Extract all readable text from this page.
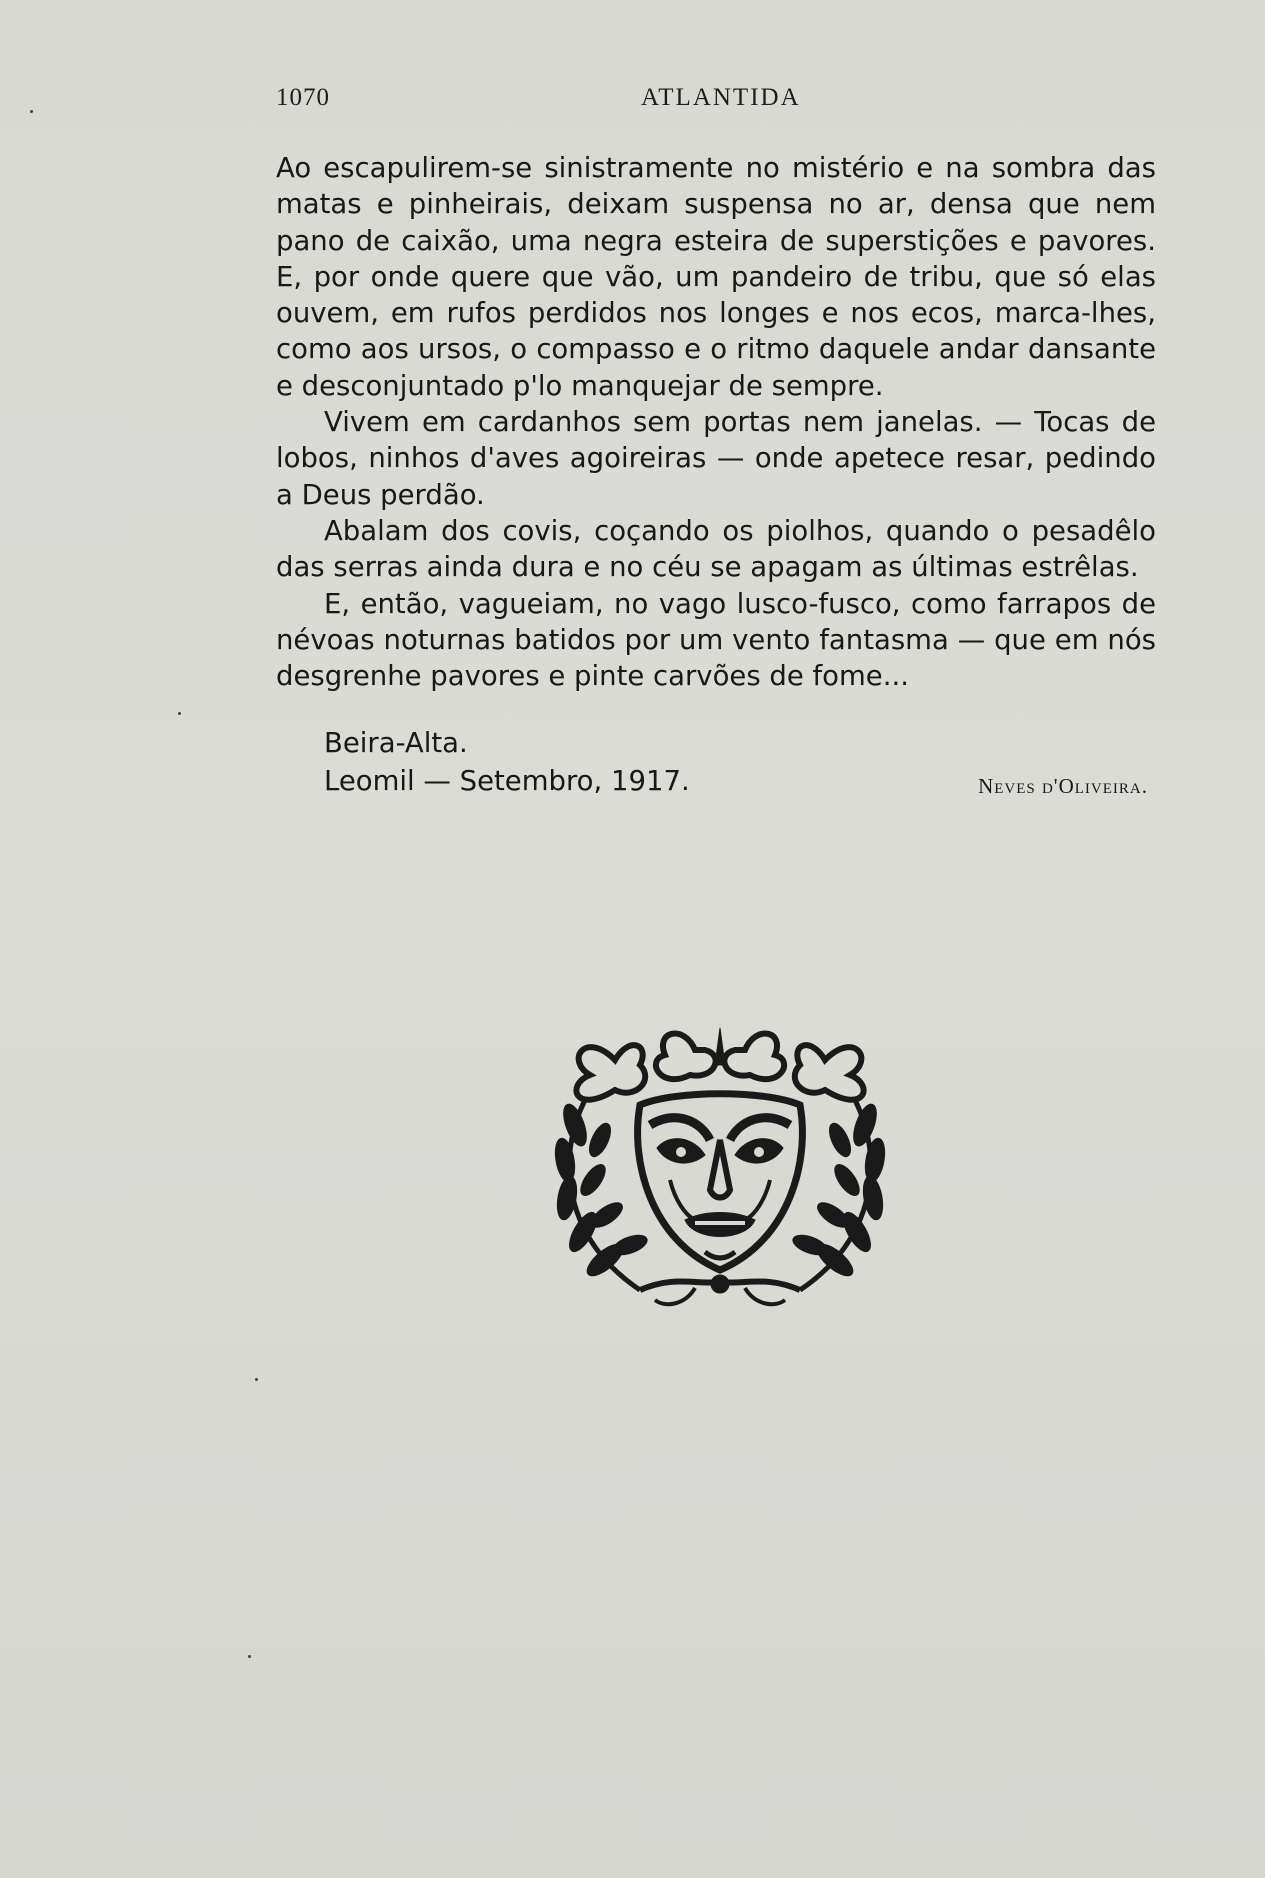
1070	ATLANTIDA

Ao escapulirem-se sinistramente no mistério e na sombra das matas e pinheirais, deixam suspensa no ar, densa que nem pano de caixão, uma negra esteira de superstições e pavores. E, por onde quere que vão, um pandeiro de tribu, que só elas ouvem, em rufos perdidos nos longes e nos ecos, marca-lhes, como aos ursos, o compasso e o ritmo daquele andar dansante e desconjuntado p'lo manquejar de sempre.

Vivem em cardanhos sem portas nem janelas. — Tocas de lobos, ninhos d'aves agoireiras — onde apetece resar, pedindo a Deus perdão.

Abalam dos covis, coçando os piolhos, quando o pesadêlo das serras ainda dura e no céu se apagam as últimas estrêlas.

E, então, vagueiam, no vago lusco-fusco, como farrapos de névoas noturnas batidos por um vento fantasma — que em nós desgrenhe pavores e pinte carvões de fome...

Beira-Alta.
Leomil — Setembro, 1917.	Neves d'Oliveira.
